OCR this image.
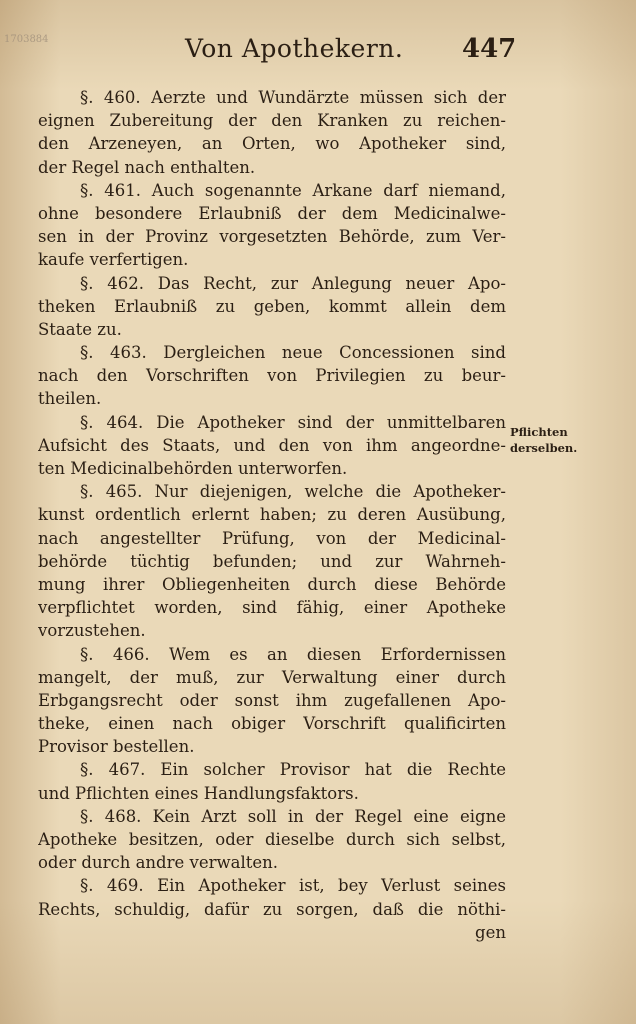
1703884	Von Apothekern. 447
§. 460. Aerzte und Wundärzte müssen sich der
eignen Zubereitung der den Kranken zu reichen-
den Arzeneyen, an Orten, wo Apotheker sind,
der Regel nach enthalten.
§. 461. Auch sogenannte Arkane darf niemand,
ohne besondere Erlaubniß der dem Medicinalwe-
sen in der Provinz vorgesetzten Behörde, zum Ver-
kaufe verfertigen.
§. 462. Das Recht, zur Anlegung neuer Apo-
theken Erlaubniß zu geben, kommt allein dem
Staate zu.
§. 463. Dergleichen neue Concessionen sind
nach den Vorschriften von Privilegien zu beur-
theilen.
§. 464. Die Apotheker sind der unmittelbaren
Aufsicht des Staats, und den von ihm angeordne-
ten Medicinalbehörden unterworfen.
§. 465. Nur diejenigen, welche die Apotheker-
kunst ordentlich erlernt haben; zu deren Ausübung,
nach angestellter Prüfung, von der Medicinal-
behörde tüchtig befunden; und zur Wahrneh-
mung ihrer Obliegenheiten durch diese Behörde
verpflichtet worden, sind fähig, einer Apotheke
vorzustehen.
§. 466. Wem es an diesen Erfordernissen
mangelt, der muß, zur Verwaltung einer durch
Erbgangsrecht oder sonst ihm zugefallenen Apo-
theke, einen nach obiger Vorschrift qualificirten
Provisor bestellen.
§. 467. Ein solcher Provisor hat die Rechte
und Pflichten eines Handlungsfaktors.
§. 468. Kein Arzt soll in der Regel eine eigne
Apotheke besitzen, oder dieselbe durch sich selbst,
oder durch andre verwalten.
§. 469. Ein Apotheker ist, bey Verlust seines
Rechts, schuldig, dafür zu sorgen, daß die nöthi-
gen
Pflichten
derselben.
